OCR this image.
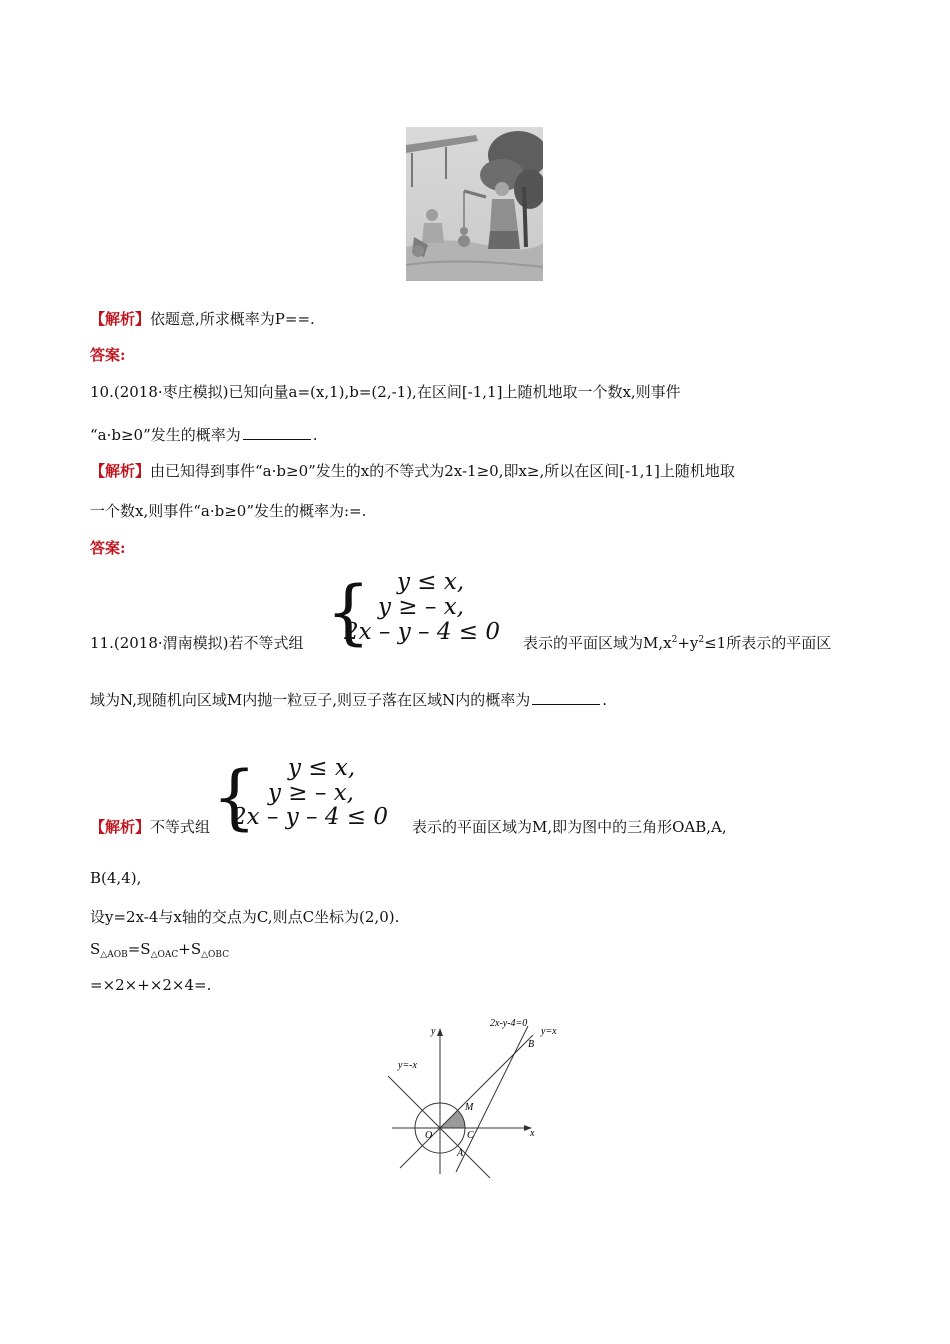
【解析】依题意,所求概率为P==.
答案:
10.(2018·枣庄模拟)已知向量a=(x,1),b=(2,-1),在区间[-1,1]上随机地取一个数x,则事件
“a·b≥0”发生的概率为	.
【解析】由已知得到事件“a·b≥0”发生的x的不等式为2x-1≥0,即x≥,所以在区间[-1,1]上随机地取
一个数x,则事件“a·b≥0”发生的概率为:=.
答案:
11.(2018·渭南模拟)若不等式组 { y ≤ x,
y ≥ – x,
2x – y – 4 ≤ 0 表示的平面区域为$M,x^2+y^2\le 1$所表示的平面区
域为N,现随机向区域M内抛一粒豆子,则豆子落在区域N内的概率为	.
【解析】不等式组 { y ≤ x,
y ≥ – x,
2x – y – 4 ≤ 0 表示的平面区域为M,即为图中的三角形OAB,A,
B(4,4),
设y=2x-4与x轴的交点为C,则点C坐标为(2,0).
$S_{\triangle AOB}=S_{\triangle OAC}+S_{\triangle OBC}$
=×2×+×2×4=.
2x-y-4=0
y=x
y=-x
y
x
O	C
M
A
B
